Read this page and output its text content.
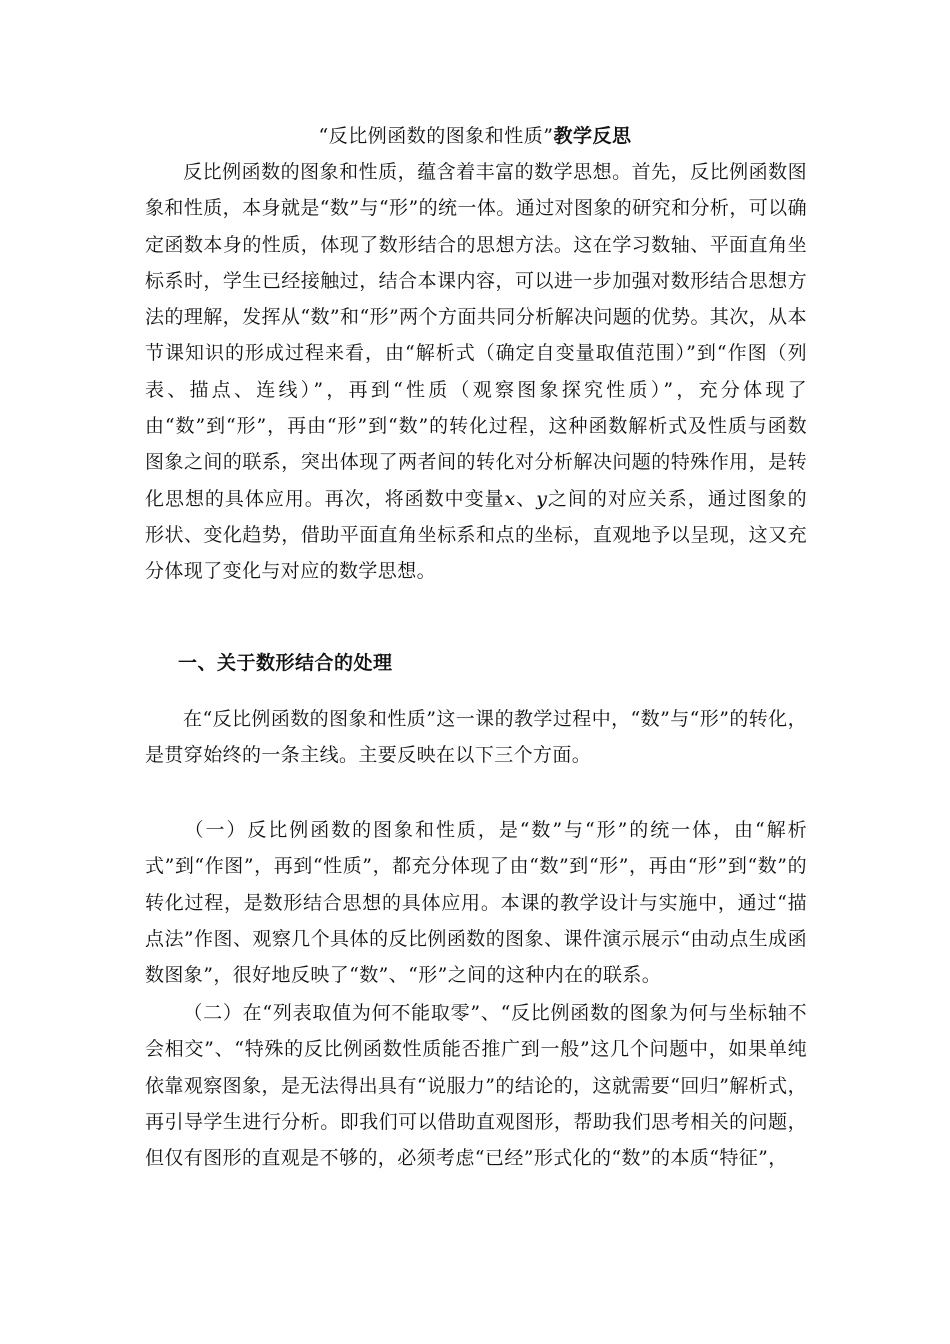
“反比例函数的图象和性质”教学反思

反比例函数的图象和性质，蕴含着丰富的数学思想。首先，反比例函数图象和性质，本身就是“数”与“形”的统一体。通过对图象的研究和分析，可以确定函数本身的性质，体现了数形结合的思想方法。这在学习数轴、平面直角坐标系时，学生已经接触过，结合本课内容，可以进一步加强对数形结合思想方法的理解，发挥从“数”和“形”两个方面共同分析解决问题的优势。其次，从本节课知识的形成过程来看，由“解析式（确定自变量取值范围）”到“作图（列表、描点、连线）”，再到“性质（观察图象探究性质）”，充分体现了由“数”到“形”，再由“形”到“数”的转化过程，这种函数解析式及性质与函数图象之间的联系，突出体现了两者间的转化对分析解决问题的特殊作用，是转化思想的具体应用。再次，将函数中变量x、y之间的对应关系，通过图象的形状、变化趋势，借助平面直角坐标系和点的坐标，直观地予以呈现，这又充分体现了变化与对应的数学思想。

一、关于数形结合的处理

在“反比例函数的图象和性质”这一课的教学过程中，“数”与“形”的转化，是贯穿始终的一条主线。主要反映在以下三个方面。

（一）反比例函数的图象和性质，是“数”与“形”的统一体，由“解析式”到“作图”，再到“性质”，都充分体现了由“数”到“形”，再由“形”到“数”的转化过程，是数形结合思想的具体应用。本课的教学设计与实施中，通过“描点法”作图、观察几个具体的反比例函数的图象、课件演示展示“由动点生成函数图象”，很好地反映了“数”、“形”之间的这种内在的联系。

（二）在“列表取值为何不能取零”、“反比例函数的图象为何与坐标轴不会相交”、“特殊的反比例函数性质能否推广到一般”这几个问题中，如果单纯依靠观察图象，是无法得出具有“说服力”的结论的，这就需要“回归”解析式，再引导学生进行分析。即我们可以借助直观图形，帮助我们思考相关的问题，但仅有图形的直观是不够的，必须考虑“已经”形式化的“数”的本质“特征”，
